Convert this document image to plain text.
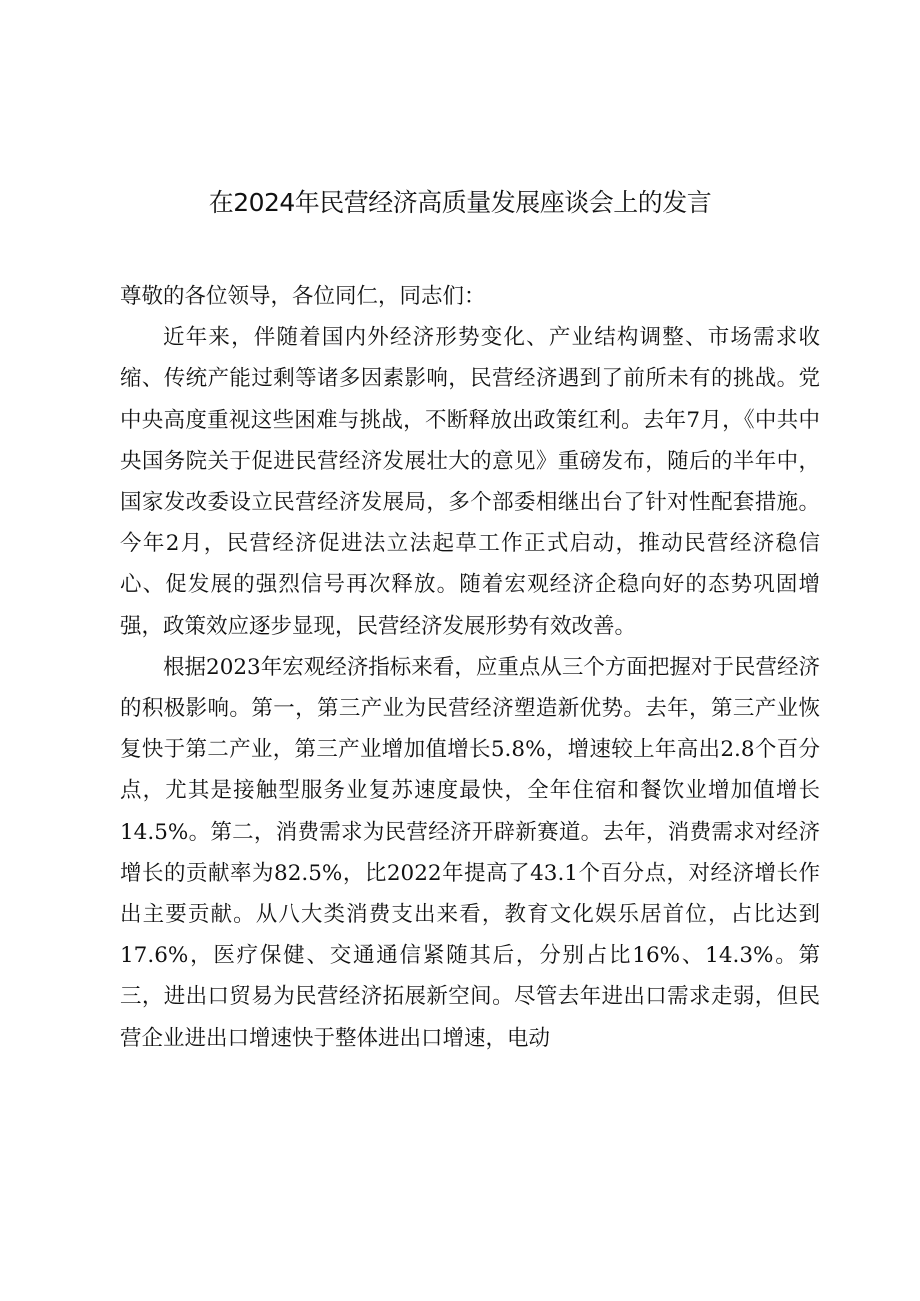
在2024年民营经济高质量发展座谈会上的发言

尊敬的各位领导，各位同仁，同志们：

近年来，伴随着国内外经济形势变化、产业结构调整、市场需求收缩、传统产能过剩等诸多因素影响，民营经济遇到了前所未有的挑战。党中央高度重视这些困难与挑战，不断释放出政策红利。去年7月，《中共中央国务院关于促进民营经济发展壮大的意见》重磅发布，随后的半年中，国家发改委设立民营经济发展局，多个部委相继出台了针对性配套措施。今年2月，民营经济促进法立法起草工作正式启动，推动民营经济稳信心、促发展的强烈信号再次释放。随着宏观经济企稳向好的态势巩固增强，政策效应逐步显现，民营经济发展形势有效改善。

根据2023年宏观经济指标来看，应重点从三个方面把握对于民营经济的积极影响。第一，第三产业为民营经济塑造新优势。去年，第三产业恢复快于第二产业，第三产业增加值增长5.8%，增速较上年高出2.8个百分点，尤其是接触型服务业复苏速度最快，全年住宿和餐饮业增加值增长14.5%。第二，消费需求为民营经济开辟新赛道。去年，消费需求对经济增长的贡献率为82.5%，比2022年提高了43.1个百分点，对经济增长作出主要贡献。从八大类消费支出来看，教育文化娱乐居首位，占比达到17.6%，医疗保健、交通通信紧随其后，分别占比16%、14.3%。第三，进出口贸易为民营经济拓展新空间。尽管去年进出口需求走弱，但民营企业进出口增速快于整体进出口增速，电动
